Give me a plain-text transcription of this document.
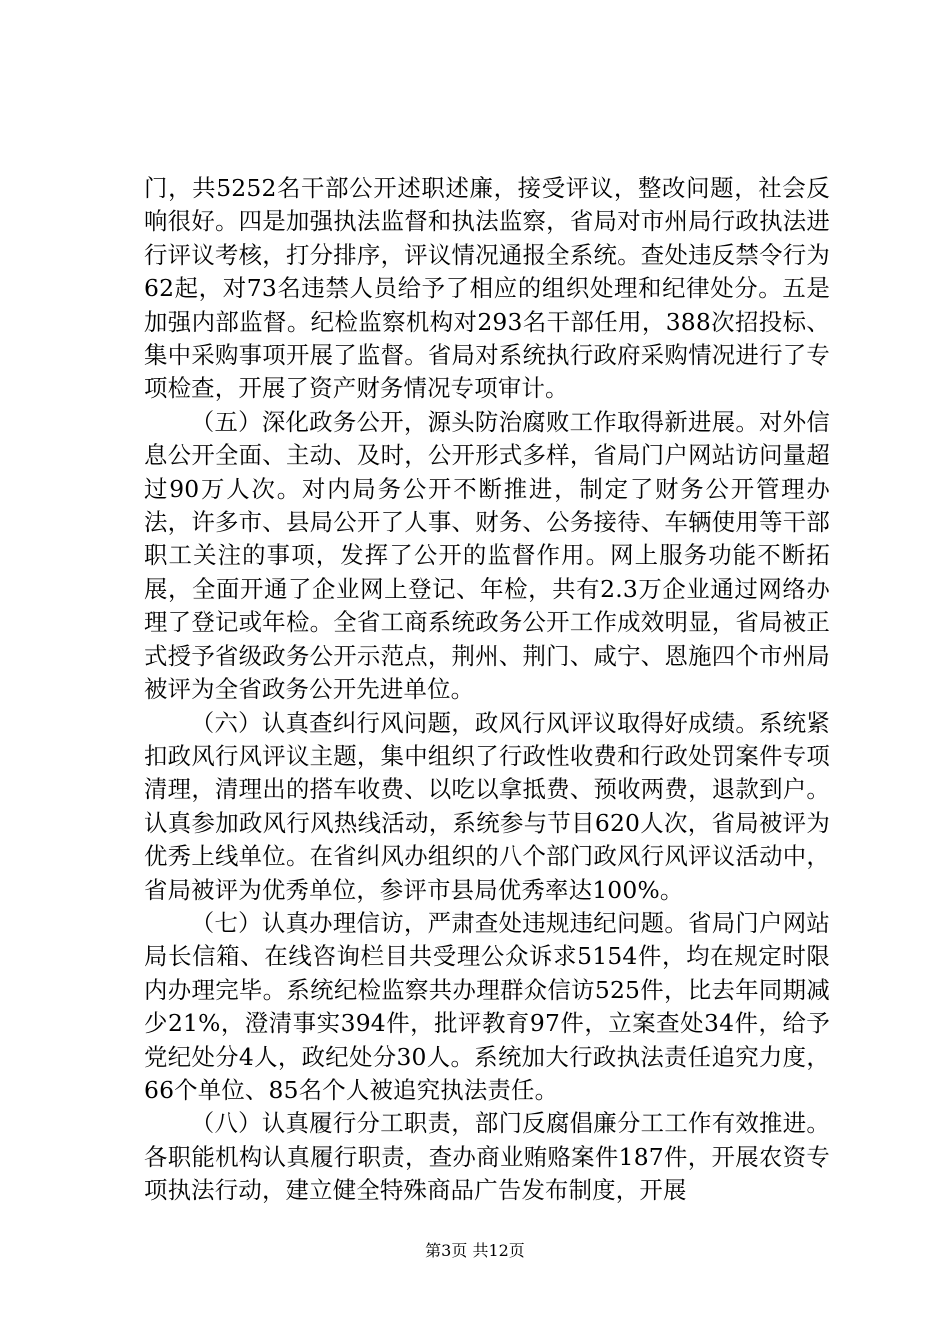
门，共5252名干部公开述职述廉，接受评议，整改问题，社会反响很好。四是加强执法监督和执法监察，省局对市州局行政执法进行评议考核，打分排序，评议情况通报全系统。查处违反禁令行为62起，对73名违禁人员给予了相应的组织处理和纪律处分。五是加强内部监督。纪检监察机构对293名干部任用，388次招投标、集中采购事项开展了监督。省局对系统执行政府采购情况进行了专项检查，开展了资产财务情况专项审计。

（五）深化政务公开，源头防治腐败工作取得新进展。对外信息公开全面、主动、及时，公开形式多样，省局门户网站访问量超过90万人次。对内局务公开不断推进，制定了财务公开管理办法，许多市、县局公开了人事、财务、公务接待、车辆使用等干部职工关注的事项，发挥了公开的监督作用。网上服务功能不断拓展，全面开通了企业网上登记、年检，共有2.3万企业通过网络办理了登记或年检。全省工商系统政务公开工作成效明显，省局被正式授予省级政务公开示范点，荆州、荆门、咸宁、恩施四个市州局被评为全省政务公开先进单位。

（六）认真查纠行风问题，政风行风评议取得好成绩。系统紧扣政风行风评议主题，集中组织了行政性收费和行政处罚案件专项清理，清理出的搭车收费、以吃以拿抵费、预收两费，退款到户。认真参加政风行风热线活动，系统参与节目620人次，省局被评为优秀上线单位。在省纠风办组织的八个部门政风行风评议活动中，省局被评为优秀单位，参评市县局优秀率达100%。

（七）认真办理信访，严肃查处违规违纪问题。省局门户网站局长信箱、在线咨询栏目共受理公众诉求5154件，均在规定时限内办理完毕。系统纪检监察共办理群众信访525件，比去年同期减少21%，澄清事实394件，批评教育97件，立案查处34件，给予党纪处分4人，政纪处分30人。系统加大行政执法责任追究力度，66个单位、85名个人被追究执法责任。

（八）认真履行分工职责，部门反腐倡廉分工工作有效推进。各职能机构认真履行职责，查办商业贿赂案件187件，开展农资专项执法行动，建立健全特殊商品广告发布制度，开展

第3页 共12页
